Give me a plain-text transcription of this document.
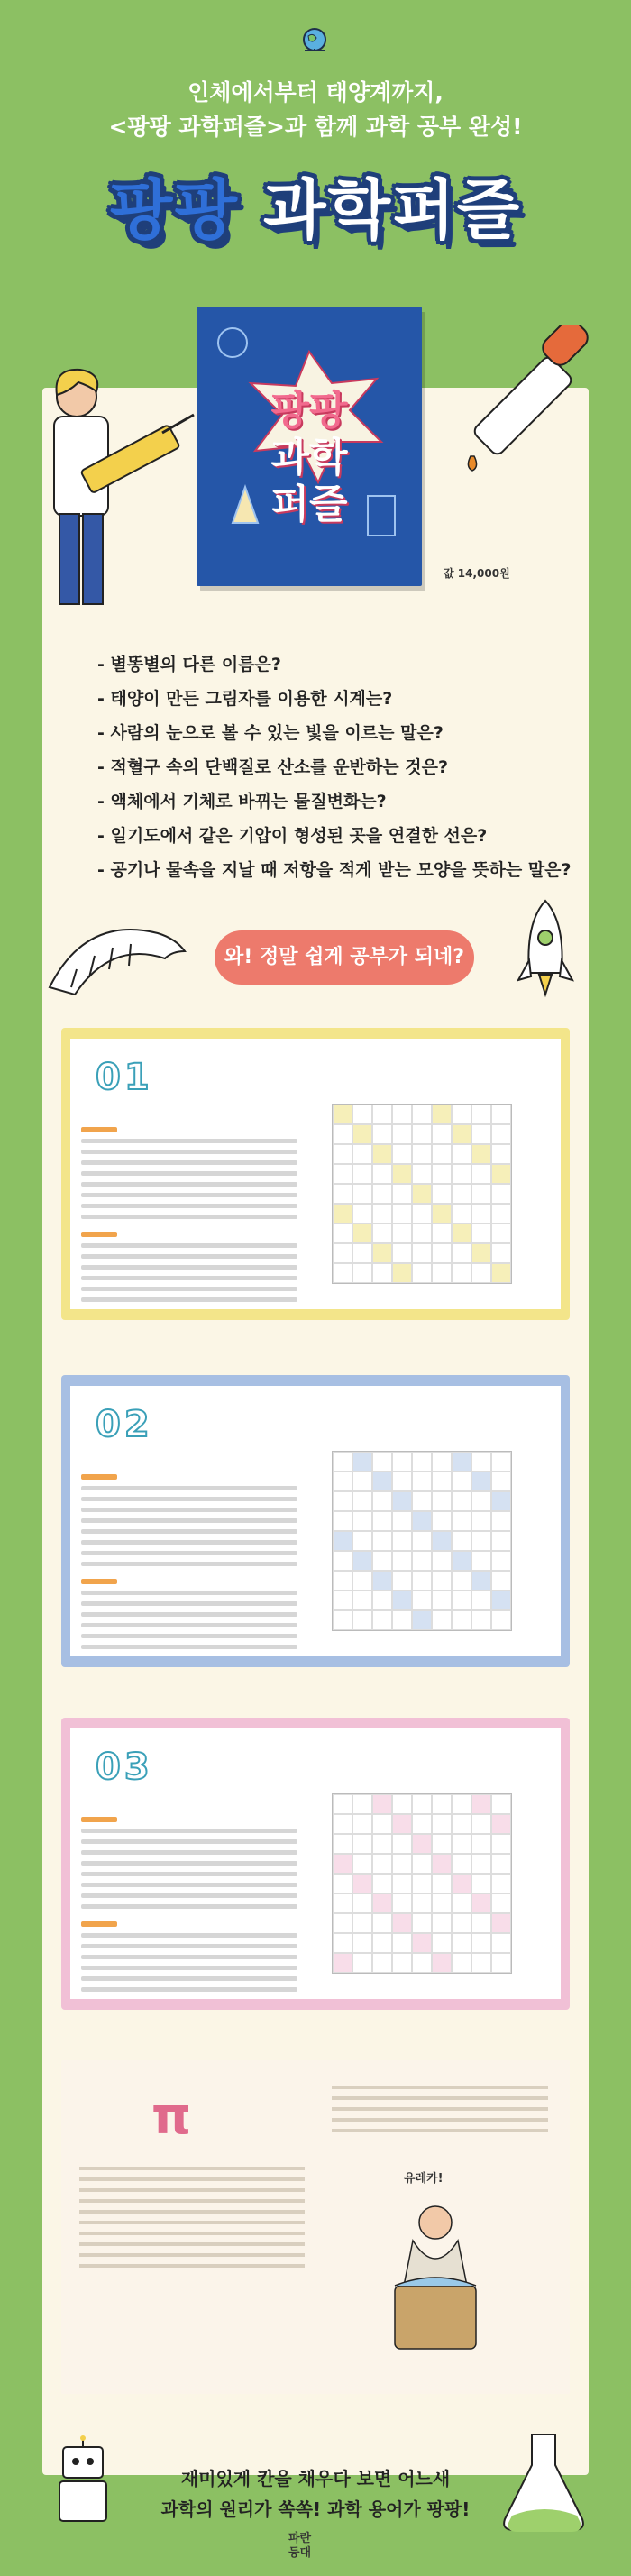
인체에서부터 태양계까지,
<팡팡 과학퍼즐>과 함께 과학 공부 완성!
팡팡 과학퍼즐
팡팡
과학
퍼즐
값 14,000원
- 별똥별의 다른 이름은?
- 태양이 만든 그림자를 이용한 시계는?
- 사람의 눈으로 볼 수 있는 빛을 이르는 말은?
- 적혈구 속의 단백질로 산소를 운반하는 것은?
- 액체에서 기체로 바뀌는 물질변화는?
- 일기도에서 같은 기압이 형성된 곳을 연결한 선은?
- 공기나 물속을 지날 때 저항을 적게 받는 모양을 뜻하는 말은?
와! 정말 쉽게 공부가 되네?
01
02
03
π
유레카!
재미있게 칸을 채우다 보면 어느새
과학의 원리가 쏙쏙! 과학 용어가 팡팡!
파란
등대
